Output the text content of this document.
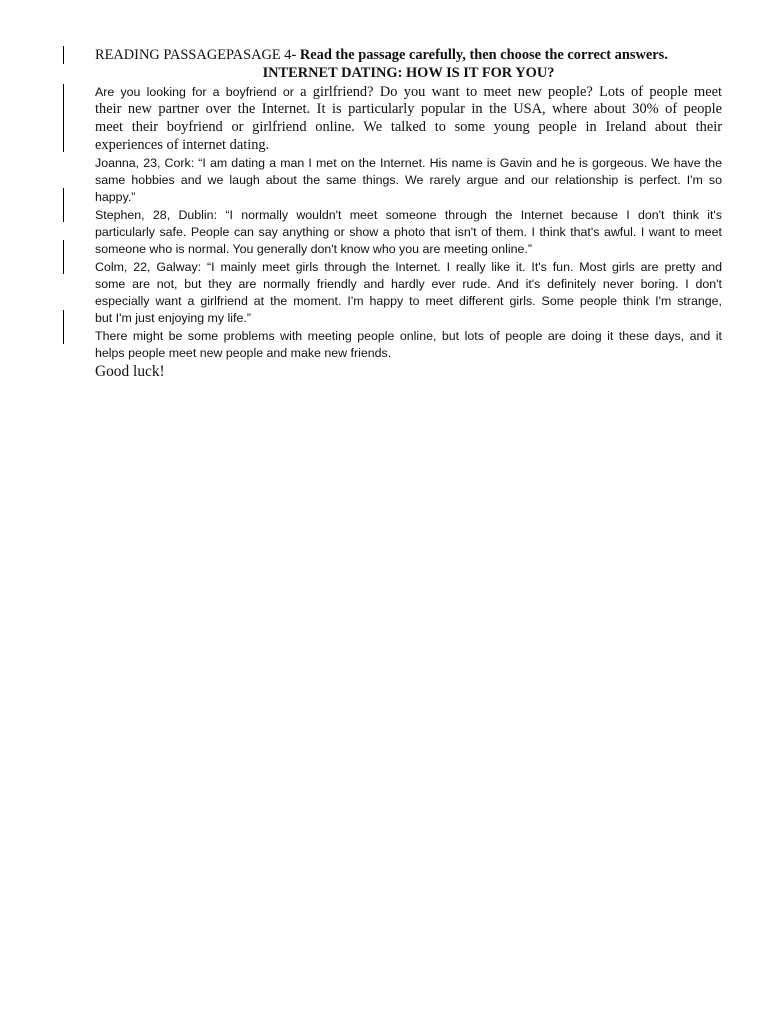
READING PASSAGEPASAGE 4- Read the passage carefully, then choose the correct answers.
INTERNET DATING: HOW IS IT FOR YOU?
Are you looking for a boyfriend or a girlfriend? Do you want to meet new people? Lots of people meet
their new partner over the Internet. It is particularly popular in the USA, where about 30% of people
meet their boyfriend or girlfriend online. We talked to some young people in Ireland about their
experiences of internet dating.
Joanna, 23, Cork: “I am dating a man I met on the Internet. His name is Gavin and he is gorgeous. We have the
same hobbies and we laugh about the same things. We rarely argue and our relationship is perfect. I'm so
happy.”
Stephen, 28, Dublin: “I normally wouldn't meet someone through the Internet because I don't think it's
particularly safe. People can say anything or show a photo that isn't of them. I think that's awful. I want to meet
someone who is normal. You generally don't know who you are meeting online.”
Colm, 22, Galway: “I mainly meet girls through the Internet. I really like it. It's fun. Most girls are pretty and
some are not, but they are normally friendly and hardly ever rude. And it's definitely never boring. I don't
especially want a girlfriend at the moment. I'm happy to meet different girls. Some people think I'm strange,
but I'm just enjoying my life.”
There might be some problems with meeting people online, but lots of people are doing it these days, and it
helps people meet new people and make new friends.
Good luck!
